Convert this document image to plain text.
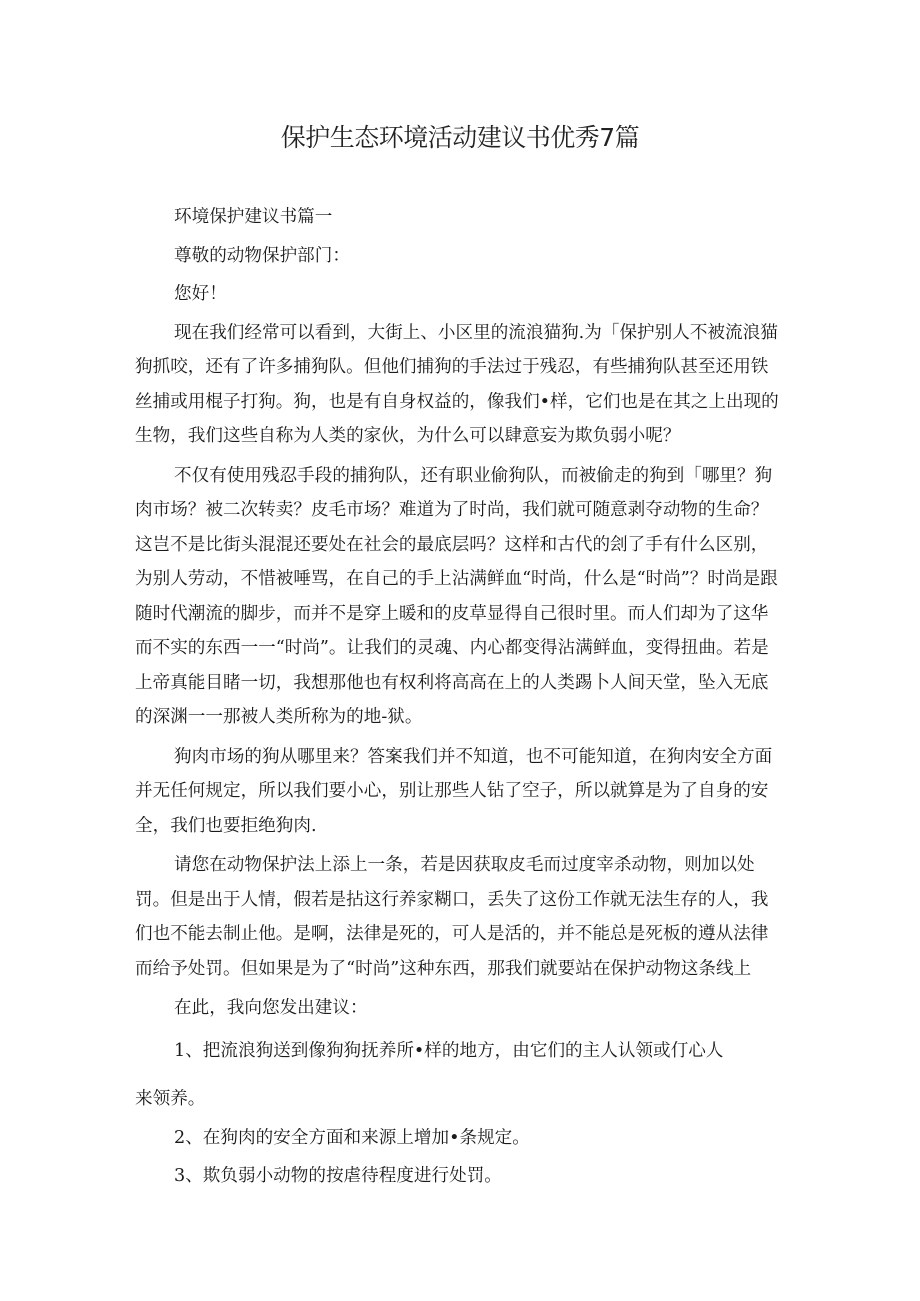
保护生态环境活动建议书优秀7篇

环境保护建议书篇一

尊敬的动物保护部门：

您好！

现在我们经常可以看到，大街上、小区里的流浪猫狗.为「保护别人不被流浪猫狗抓咬，还有了许多捕狗队。但他们捕狗的手法过于残忍，有些捕狗队甚至还用铁丝捕或用棍子打狗。狗，也是有自身权益的，像我们•样，它们也是在其之上出现的生物，我们这些自称为人类的家伙，为什么可以肆意妄为欺负弱小呢？

不仅有使用残忍手段的捕狗队，还有职业偷狗队，而被偷走的狗到「哪里？狗肉市场？被二次转卖？皮毛市场？难道为了时尚，我们就可随意剥夺动物的生命？这岂不是比街头混混还要处在社会的最底层吗？这样和古代的刽了手有什么区别，为别人劳动，不惜被唾骂，在自己的手上沾满鲜血“时尚，什么是“时尚”？时尚是跟随时代潮流的脚步，而并不是穿上暖和的皮草显得自己很时里。而人们却为了这华而不实的东西一一“时尚”。让我们的灵魂、内心都变得沾满鲜血，变得扭曲。若是上帝真能目睹一切，我想那他也有权利将高高在上的人类踢卜人间天堂，坠入无底的深渊一一那被人类所称为的地-狱。

狗肉市场的狗从哪里来？答案我们并不知道，也不可能知道，在狗肉安全方面并无任何规定，所以我们要小心，别让那些人钻了空子，所以就算是为了自身的安全，我们也要拒绝狗肉.

请您在动物保护法上添上一条，若是因获取皮毛而过度宰杀动物，则加以处罚。但是出于人情，假若是拈这行养家糊口，丢失了这份工作就无法生存的人，我们也不能去制止他。是啊，法律是死的，可人是活的，并不能总是死板的遵从法律而给予处罚。但如果是为了“时尚”这种东西，那我们就要站在保护动物这条线上

在此，我向您发出建议：

1、把流浪狗送到像狗狗抚养所•样的地方，由它们的主人认领或仃心人

来领养。

2、在狗肉的安全方面和来源上增加•条规定。

3、欺负弱小动物的按虐待程度进行处罚。
